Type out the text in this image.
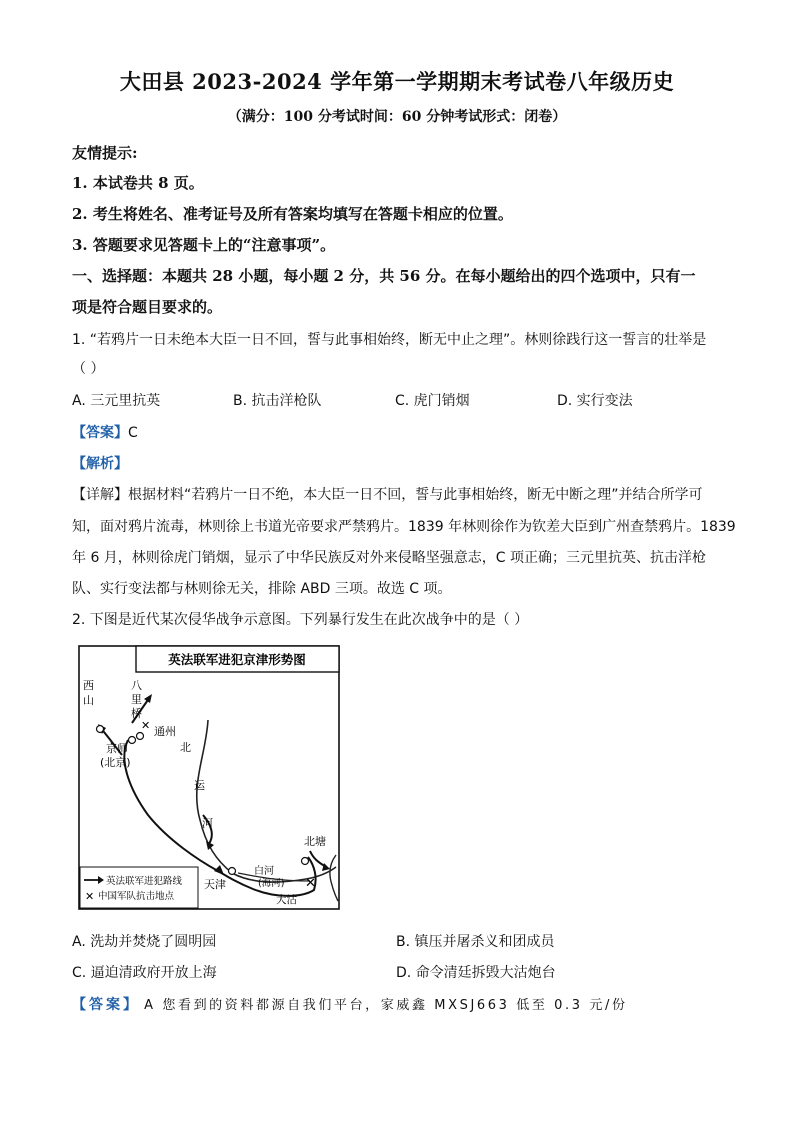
大田县 2023-2024 学年第一学期期末考试卷八年级历史
（满分：100 分考试时间：60 分钟考试形式：闭卷）
友情提示:
1. 本试卷共 8 页。
2. 考生将姓名、准考证号及所有答案均填写在答题卡相应的位置。
3. 答题要求见答题卡上的“注意事项”。
一、选择题：本题共 28 小题，每小题 2 分，共 56 分。在每小题给出的四个选项中，只有一
项是符合题目要求的。
1. “若鸦片一日未绝本大臣一日不回，誓与此事相始终，断无中止之理”。林则徐践行这一誓言的壮举是
（ ）
A. 三元里抗英	B. 抗击洋枪队	C. 虎门销烟	D. 实行变法
【答案】C
【解析】
【详解】根据材料“若鸦片一日不绝，本大臣一日不回，誓与此事相始终，断无中断之理”并结合所学可
知，面对鸦片流毒，林则徐上书道光帝要求严禁鸦片。1839 年林则徐作为钦差大臣到广州查禁鸦片。1839
年 6 月，林则徐虎门销烟，显示了中华民族反对外来侵略坚强意志，C 项正确；三元里抗英、抗击洋枪
队、实行变法都与林则徐无关，排除 ABD 三项。故选 C 项。
2. 下图是近代某次侵华战争示意图。下列暴行发生在此次战争中的是（ ）
英法联军进犯京津形势图
✕
✕
西
山
八
里
桥
通州
京师
(北京)
北
运
河
北塘
天津
白河
(海河)
大沽
英法联军进犯路线
✕ 中国军队抗击地点
A. 洗劫并焚烧了圆明园	B. 镇压并屠杀义和团成员
C. 逼迫清政府开放上海	D. 命令清廷拆毁大沽炮台
【答案】 A 您看到的资料都源自我们平台，家威鑫 MXSJ663 低至 0.3 元/份
